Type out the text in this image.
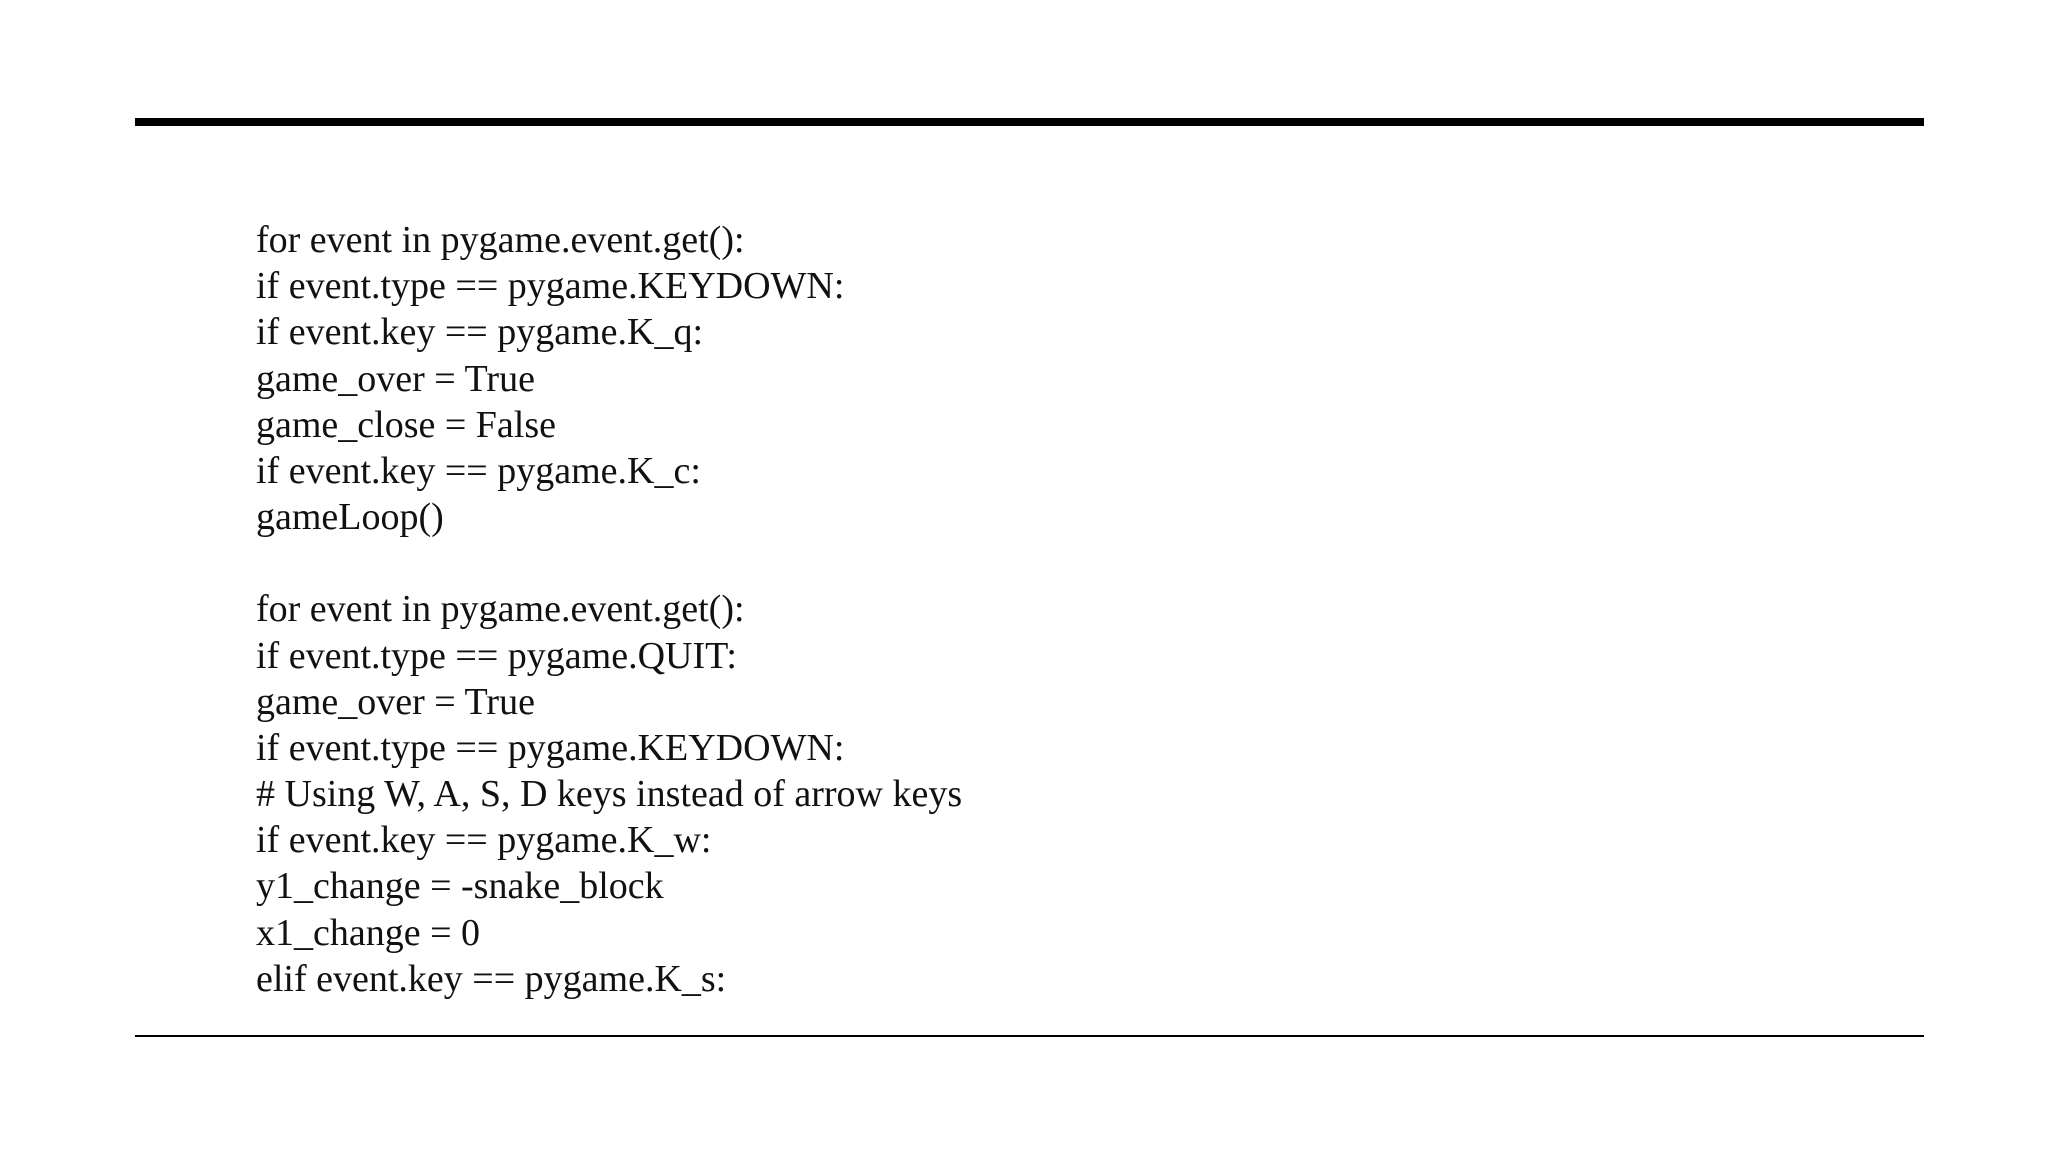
for event in pygame.event.get():
if event.type == pygame.KEYDOWN:
if event.key == pygame.K_q:
game_over = True
game_close = False
if event.key == pygame.K_c:
gameLoop()
for event in pygame.event.get():
if event.type == pygame.QUIT:
game_over = True
if event.type == pygame.KEYDOWN:
# Using W, A, S, D keys instead of arrow keys
if event.key == pygame.K_w:
y1_change = -snake_block
x1_change = 0
elif event.key == pygame.K_s:
